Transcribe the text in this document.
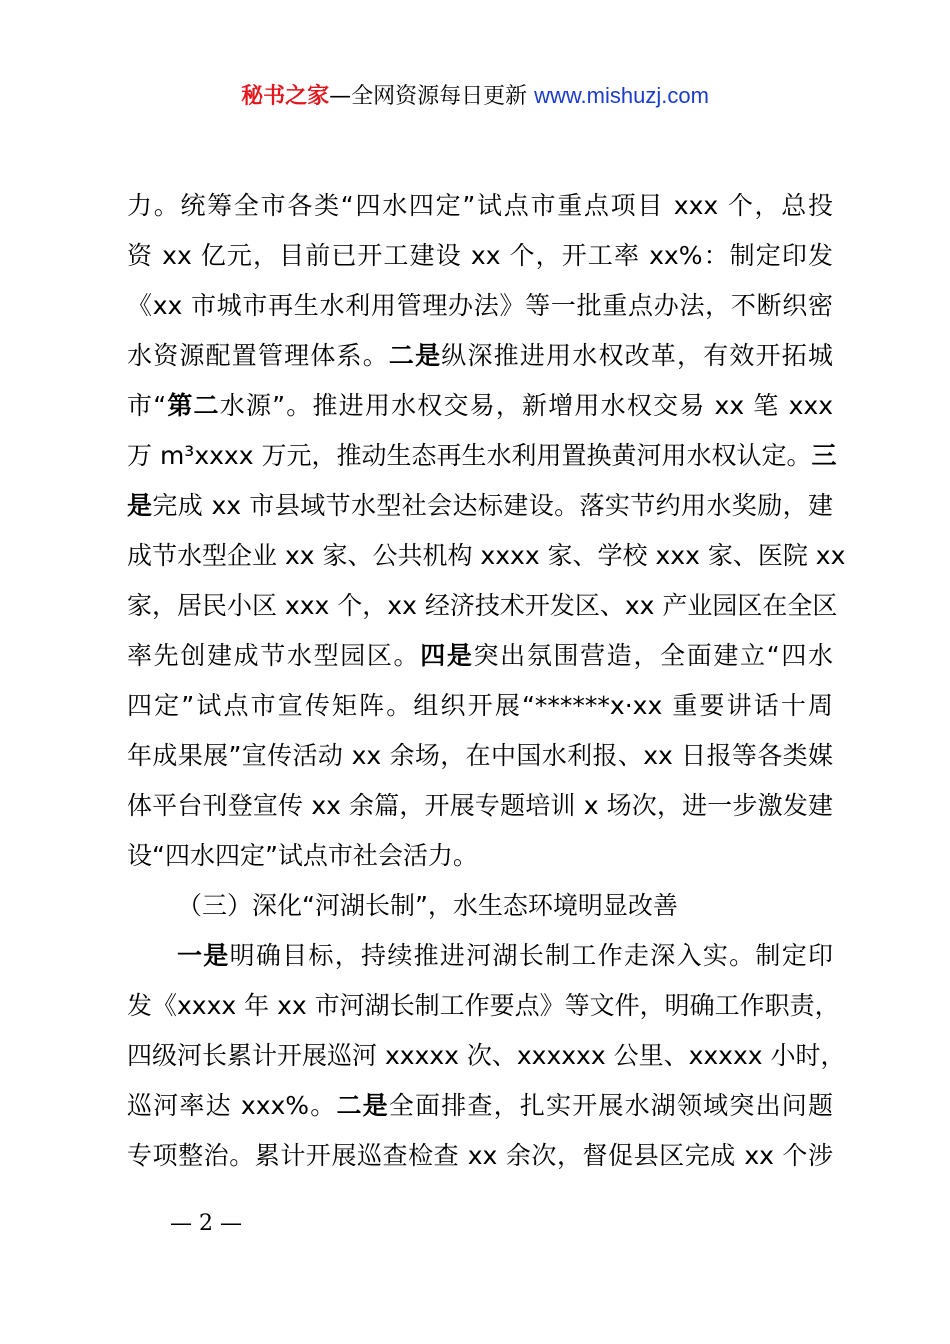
秘书之家—全网资源每日更新 www.mishuzj.com
力。统筹全市各类“四水四定”试点市重点项目 xxx 个，总投
资 xx 亿元，目前已开工建设 xx 个，开工率 xx%：制定印发
《xx 市城市再生水利用管理办法》等一批重点办法，不断织密
水资源配置管理体系。二是纵深推进用水权改革，有效开拓城
市“第二水源”。推进用水权交易，新增用水权交易 xx 笔 xxx
万 m³xxxx 万元，推动生态再生水利用置换黄河用水权认定。三
是完成 xx 市县域节水型社会达标建设。落实节约用水奖励，建
成节水型企业 xx 家、公共机构 xxxx 家、学校 xxx 家、医院 xx
家，居民小区 xxx 个，xx 经济技术开发区、xx 产业园区在全区
率先创建成节水型园区。四是突出氛围营造，全面建立“四水
四定”试点市宣传矩阵。组织开展“******x·xx 重要讲话十周
年成果展”宣传活动 xx 余场，在中国水利报、xx 日报等各类媒
体平台刊登宣传 xx 余篇，开展专题培训 x 场次，进一步激发建
设“四水四定”试点市社会活力。
（三）深化“河湖长制”，水生态环境明显改善
一是明确目标，持续推进河湖长制工作走深入实。制定印
发《xxxx 年 xx 市河湖长制工作要点》等文件，明确工作职责，
四级河长累计开展巡河 xxxxx 次、xxxxxx 公里、xxxxx 小时，
巡河率达 xxx%。二是全面排查，扎实开展水湖领域突出问题
专项整治。累计开展巡查检查 xx 余次，督促县区完成 xx 个涉
— 2 —
